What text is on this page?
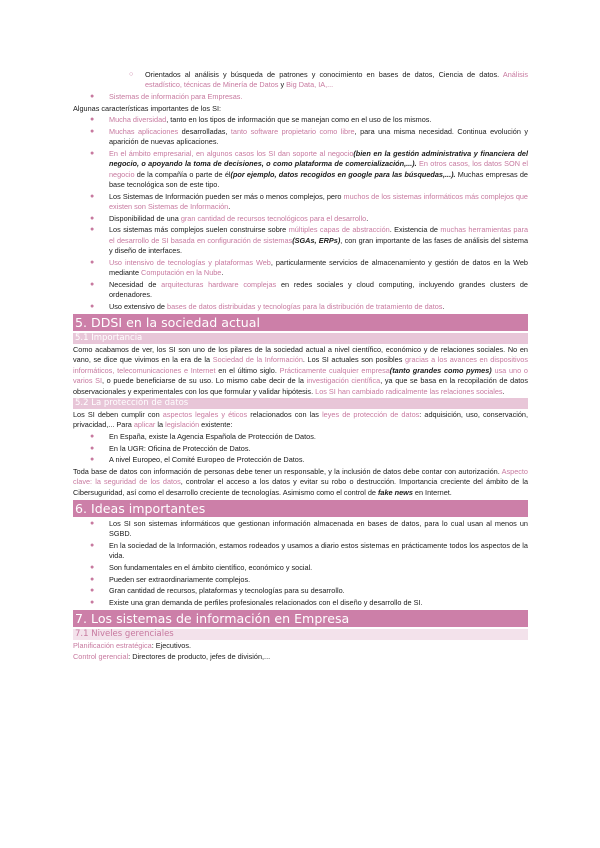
○ Orientados al análisis y búsqueda de patrones y conocimiento en bases de datos, Ciencia de datos. Análisis estadístico, técnicas de Minería de Datos y Big Data, IA,...
● Sistemas de información para Empresas.

Algunas características importantes de los SI:

● Mucha diversidad, tanto en los tipos de información que se manejan como en el uso de los mismos.
● Muchas aplicaciones desarrolladas, tanto software propietario como libre, para una misma necesidad. Continua evolución y aparición de nuevas aplicaciones.
● En el ámbito empresarial, en algunos casos los SI dan soporte al negocio(bien en la gestión administrativa y financiera del negocio, o apoyando la toma de decisiones, o como plataforma de comercialización,...). En otros casos, los datos SON el negocio de la compañía o parte de él(por ejemplo, datos recogidos en google para las búsquedas,...). Muchas empresas de base tecnológica son de este tipo.
● Los Sistemas de Información pueden ser más o menos complejos, pero muchos de los sistemas informáticos más complejos que existen son Sistemas de Información.
● Disponibilidad de una gran cantidad de recursos tecnológicos para el desarrollo.
● Los sistemas más complejos suelen construirse sobre múltiples capas de abstracción. Existencia de muchas herramientas para el desarrollo de SI basada en configuración de sistemas(SGAs, ERPs), con gran importante de las fases de análisis del sistema y diseño de interfaces.
● Uso intensivo de tecnologías y plataformas Web, particularmente servicios de almacenamiento y gestión de datos en la Web mediante Computación en la Nube.
● Necesidad de arquitecturas hardware complejas en redes sociales y cloud computing, incluyendo grandes clusters de ordenadores.
● Uso extensivo de bases de datos distribuidas y tecnologías para la distribución de tratamiento de datos.
5. DDSI en la sociedad actual
5.1 Importancia

Como acabamos de ver, los SI son uno de los pilares de la sociedad actual a nivel científico, económico y de relaciones sociales. No en vano, se dice que vivimos en la era de la Sociedad de la Información. Los SI actuales son posibles gracias a los avances en dispositivos informáticos, telecomunicaciones e Internet en el último siglo. Prácticamente cualquier empresa(tanto grandes como pymes) usa uno o varios SI, o puede beneficiarse de su uso. Lo mismo cabe decir de la investigación científica, ya que se basa en la recopilación de datos observacionales y experimentales con los que formular y validar hipótesis. Los SI han cambiado radicalmente las relaciones sociales.

5.2 La protección de datos

Los SI deben cumplir con aspectos legales y éticos relacionados con las leyes de protección de datos: adquisición, uso, conservación, privacidad,... Para aplicar la legislación existente:

● En España, existe la Agencia Española de Protección de Datos.
● En la UGR: Oficina de Protección de Datos.
● A nivel Europeo, el Comité Europeo de Protección de Datos.

Toda base de datos con información de personas debe tener un responsable, y la inclusión de datos debe contar con autorización. Aspecto clave: la seguridad de los datos, controlar el acceso a los datos y evitar su robo o destrucción. Importancia creciente del ámbito de la Cibersuguridad, así como el desarrollo creciente de tecnologías. Asimismo como el control de fake news en Internet.

6. Ideas importantes
● Los SI son sistemas informáticos que gestionan información almacenada en bases de datos, para lo cual usan al menos un SGBD.
● En la sociedad de la Información, estamos rodeados y usamos a diario estos sistemas en prácticamente todos los aspectos de la vida.
● Son fundamentales en el ámbito científico, económico y social.
● Pueden ser extraordinariamente complejos.
● Gran cantidad de recursos, plataformas y tecnologías para su desarrollo.
● Existe una gran demanda de perfiles profesionales relacionados con el diseño y desarrollo de SI.
7. Los sistemas de información en Empresa
7.1 Niveles gerenciales

Planificación estratégica: Ejecutivos.

Control gerencial: Directores de producto, jefes de división,...
